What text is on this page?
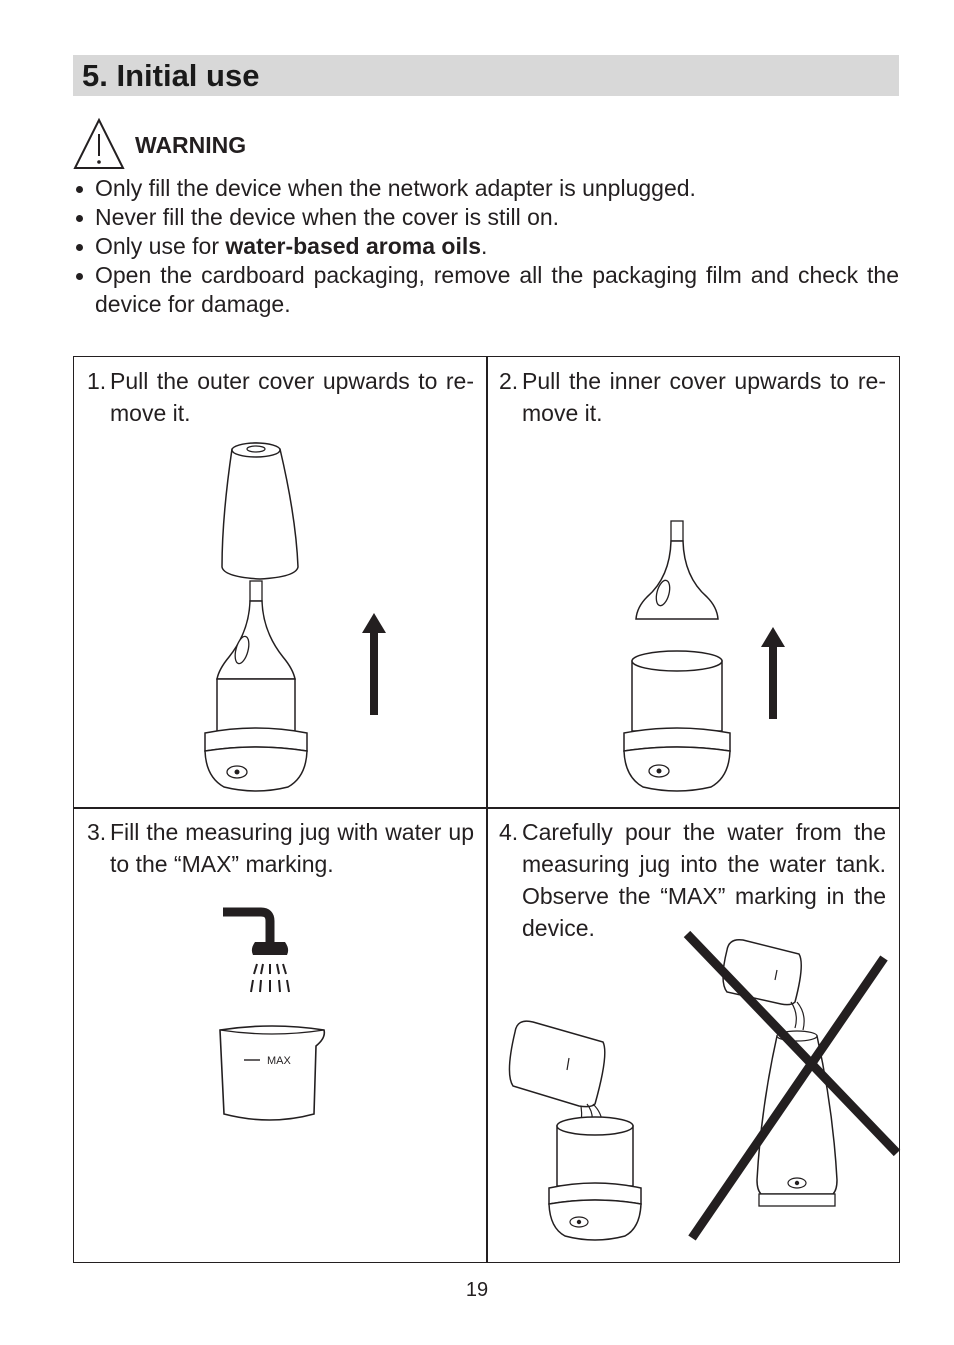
5. Initial use
WARNING
Only fill the device when the network adapter is unplugged.
Never fill the device when the cover is still on.
Only use for water-based aroma oils.
Open the cardboard packaging, remove all the packaging film and check the device for damage.
1. Pull the outer cover upwards to re-move it.
2. Pull the inner cover upwards to re-move it.
3. Fill the measuring jug with water up to the “MAX” marking.
MAX
4. Carefully pour the water from the measuring jug into the water tank. Observe the “MAX” marking in the device.
19
